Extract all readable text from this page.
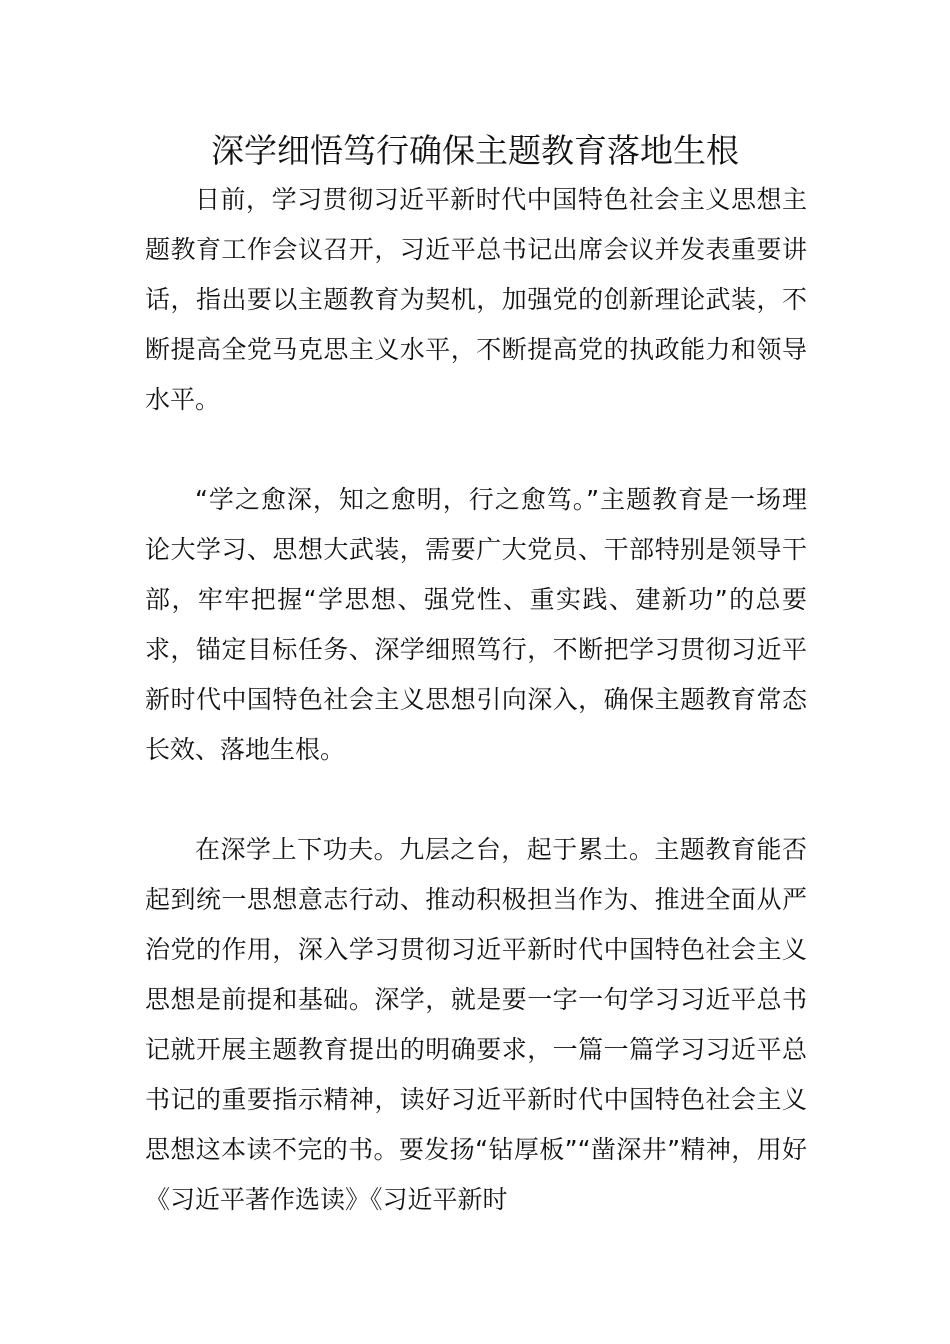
深学细悟笃行确保主题教育落地生根

日前，学习贯彻习近平新时代中国特色社会主义思想主题教育工作会议召开，习近平总书记出席会议并发表重要讲话，指出要以主题教育为契机，加强党的创新理论武装，不断提高全党马克思主义水平，不断提高党的执政能力和领导水平。

“学之愈深，知之愈明，行之愈笃。”主题教育是一场理论大学习、思想大武装，需要广大党员、干部特别是领导干部，牢牢把握“学思想、强党性、重实践、建新功”的总要求，锚定目标任务、深学细照笃行，不断把学习贯彻习近平新时代中国特色社会主义思想引向深入，确保主题教育常态长效、落地生根。

在深学上下功夫。九层之台，起于累土。主题教育能否起到统一思想意志行动、推动积极担当作为、推进全面从严治党的作用，深入学习贯彻习近平新时代中国特色社会主义思想是前提和基础。深学，就是要一字一句学习习近平总书记就开展主题教育提出的明确要求，一篇一篇学习习近平总书记的重要指示精神，读好习近平新时代中国特色社会主义思想这本读不完的书。要发扬“钻厚板”“凿深井”精神，用好《习近平著作选读》《习近平新时
